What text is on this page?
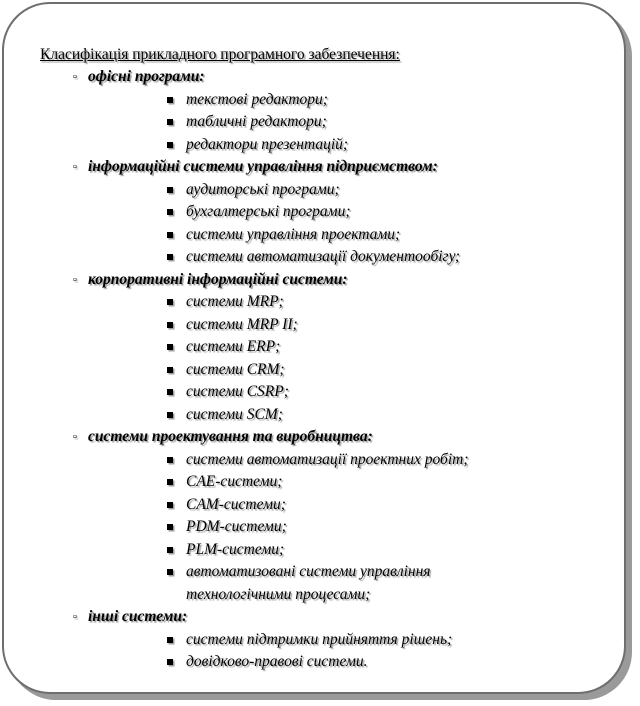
Класифікація прикладного програмного забезпечення:

▫ офісні програми:
текстові редактори;
табличні редактори;
редактори презентацій;
▫ інформаційні системи управління підприємством:
аудиторські програми;
бухгалтерські програми;
системи управління проектами;
системи автоматизації документообігу;
▫ корпоративні інформаційні системи:
системи MRP;
системи MRP II;
системи ERP;
системи CRM;
системи CSRP;
системи SCM;
▫ системи проектування та виробництва:
системи автоматизації проектних робіт;
CAE-системи;
CAM-системи;
PDM-системи;
PLM-системи;
автоматизовані системи управління технологічними процесами;
▫ інші системи:
системи підтримки прийняття рішень;
довідково-правові системи.
